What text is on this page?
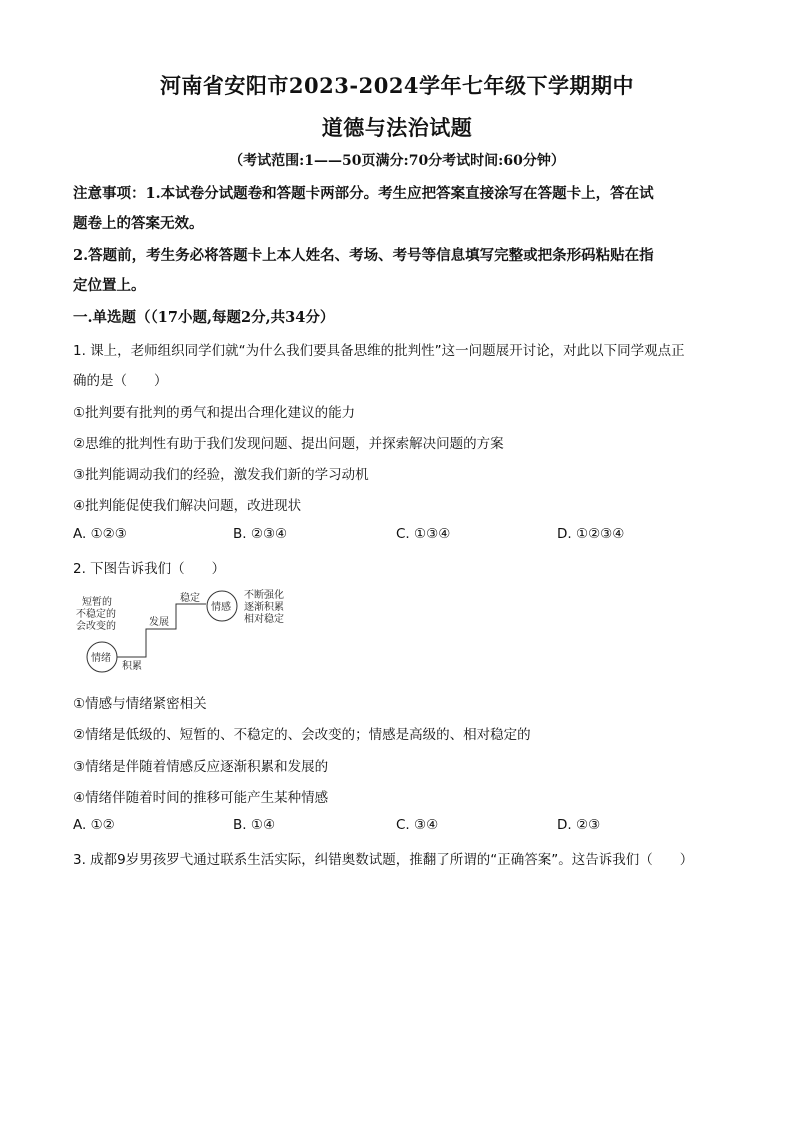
河南省安阳市2023-2024学年七年级下学期期中
道德与法治试题
（考试范围:1——50页满分:70分考试时间:60分钟）
注意事项：1.本试卷分试题卷和答题卡两部分。考生应把答案直接涂写在答题卡上，答在试
题卷上的答案无效。
2.答题前，考生务必将答题卡上本人姓名、考场、考号等信息填写完整或把条形码粘贴在指
定位置上。
一.单选题（（17小题,每题2分,共34分）
1. 课上，老师组织同学们就“为什么我们要具备思维的批判性”这一问题展开讨论，对此以下同学观点正
确的是（　　）
①批判要有批判的勇气和提出合理化建议的能力
②思维的批判性有助于我们发现问题、提出问题，并探索解决问题的方案
③批判能调动我们的经验，激发我们新的学习动机
④批判能促使我们解决问题，改进现状
A. ①②③	B. ②③④	C. ①③④	D. ①②③④
2. 下图告诉我们（　　）
短暂的
不稳定的
会改变的
情绪
积累
发展
稳定
情感
不断强化
逐渐积累
相对稳定
①情感与情绪紧密相关
②情绪是低级的、短暂的、不稳定的、会改变的；情感是高级的、相对稳定的
③情绪是伴随着情感反应逐渐积累和发展的
④情绪伴随着时间的推移可能产生某种情感
A. ①②	B. ①④	C. ③④	D. ②③
3. 成都9岁男孩罗弋通过联系生活实际，纠错奥数试题，推翻了所谓的“正确答案”。这告诉我们（　　）
